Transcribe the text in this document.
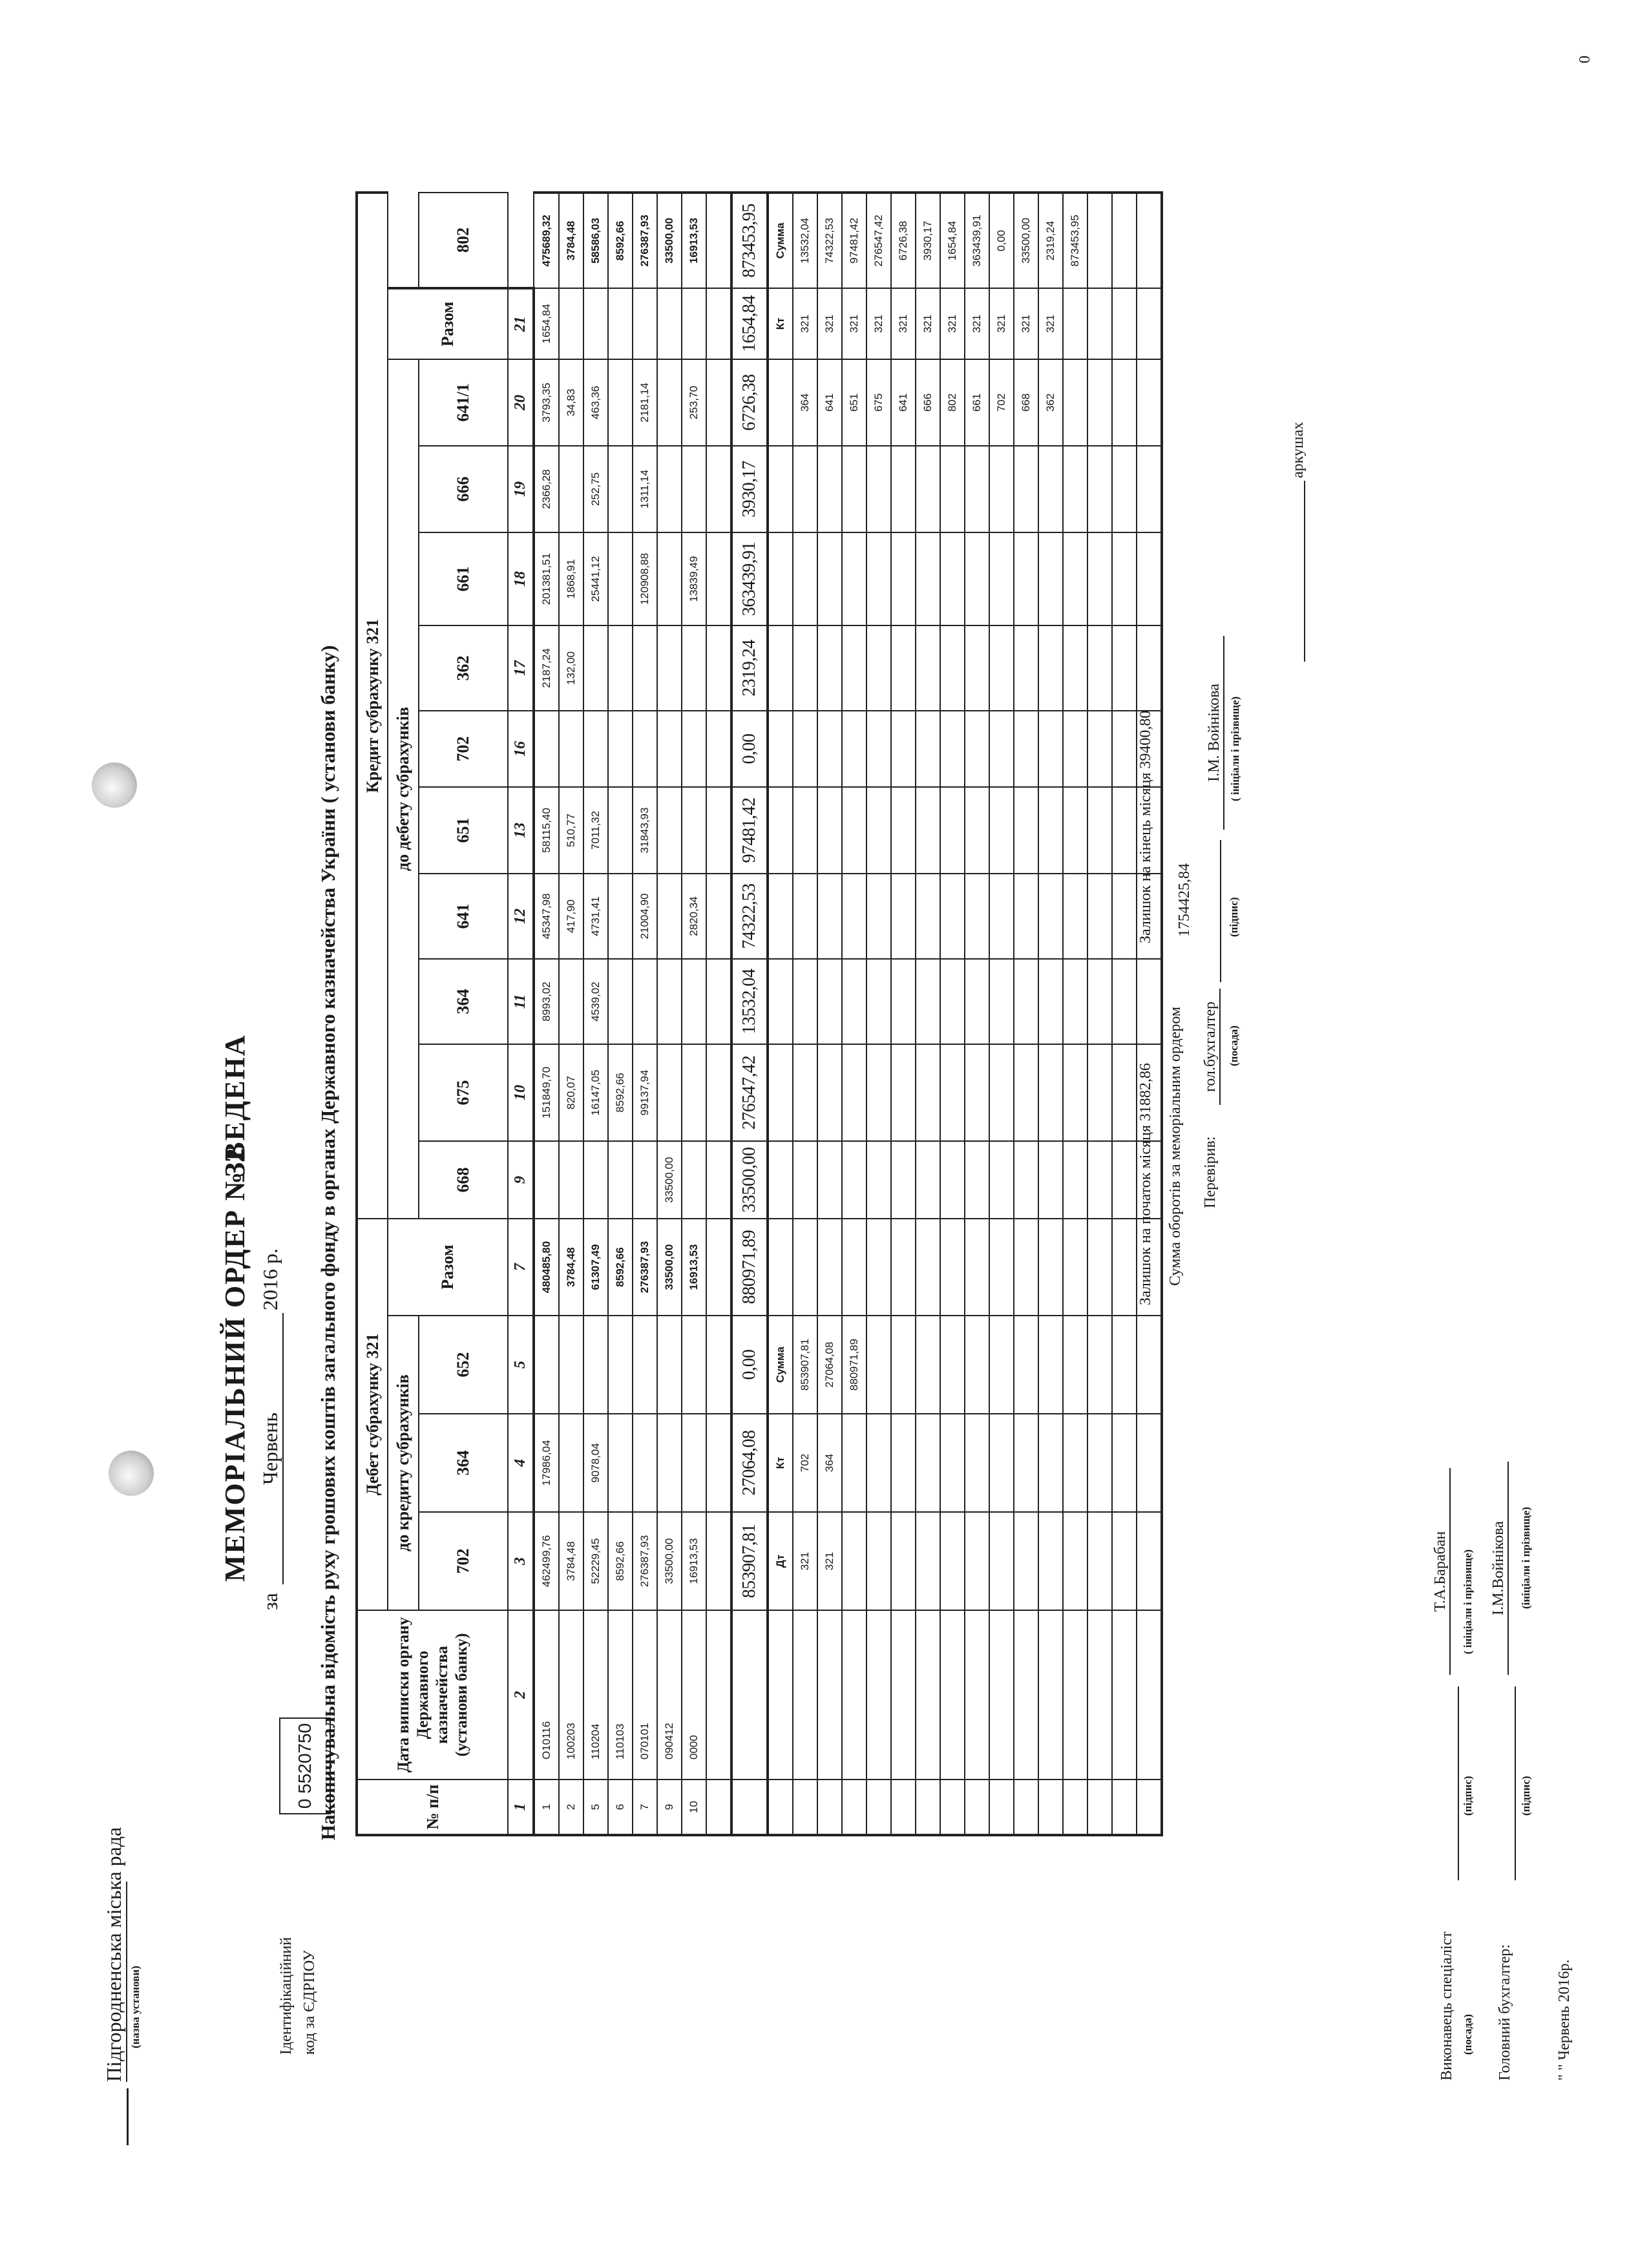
Підгородненська міська рада (назва установи)	Ідентифікаційний код за ЄДРПОУ
0 5520750
МЕМОРІАЛЬНИЙ ОРДЕР № 2
ЗВЕДЕНА
за
Червень
2016 р. Накопичувальна відомість руху грошових коштів загального фонду в органах Державного казначейства України ( установи банку)	№ п/п	Дата виписки органу Державного казначейства (установи банку)	Дебет субрахунку 321				Кредит субрахунку 321											
		до кредиту субрахунків			Разом	до дебету субрахунків										Разом	
		702	364	652		668	675	364	641	651	702	362	661	666	641/1		802
1	2	3	4	5	7	9	10	11	12	13	16	17	18	19	20	21	
1	О10116	462499,76	17986,04		480485,80		151849,70	8993,02	45347,98	58115,40		2187,24	201381,51	2366,28	3793,35	1654,84	475689,32
2	100203	3784,48			3784,48		820,07		417,90	510,77		132,00	1868,91		34,83		3784,48
5	110204	52229,45	9078,04		61307,49		16147,05	4539,02	4731,41	7011,32			25441,12	252,75	463,36		58586,03
6	110103	8592,66			8592,66		8592,66										8592,66
7	070101	276387,93			276387,93		99137,94		21004,90	31843,93			120908,88	1311,14	2181,14		276387,93
9	090412	33500,00			33500,00	33500,00											33500,00
10	0000	16913,53			16913,53				2820,34				13839,49		253,70		16913,53

		853907,81	27064,08	0,00	880971,89	33500,00	276547,42	13532,04	74322,53	97481,42	0,00	2319,24	363439,91	3930,17	6726,38	1654,84	873453,95
		Дт	Кт	Сумма												Кт	Сумма
		321	702	853907,81											364	321	13532,04
		321	364	27064,08											641	321	74322,53
				880971,89											651	321	97481,42
															675	321	276547,42
															641	321	6726,38
															666	321	3930,17
															802	321	1654,84
															661	321	363439,91
															702	321	0,00
															668	321	33500,00
															362	321	2319,24
																	873453,95

Залишок на початок місяця 31882,86
Залишок на кінець місяця 39400,80
Сумма оборотів за меморіальним ордером
1754425,84
Виконавець спеціаліст (посада)
(підпис)
Т.А.Барабан ( ініціали і прізвище)
Головний бухгалтер:
(підпис)
І.М.Войнікова (ініціали і прізвище)
" " Червень 2016р.
Перевірив:
гол.бухгалтер (посада)
(підпис)
І.М. Войнікова ( ініціали і прізвище)
аркушах
0
